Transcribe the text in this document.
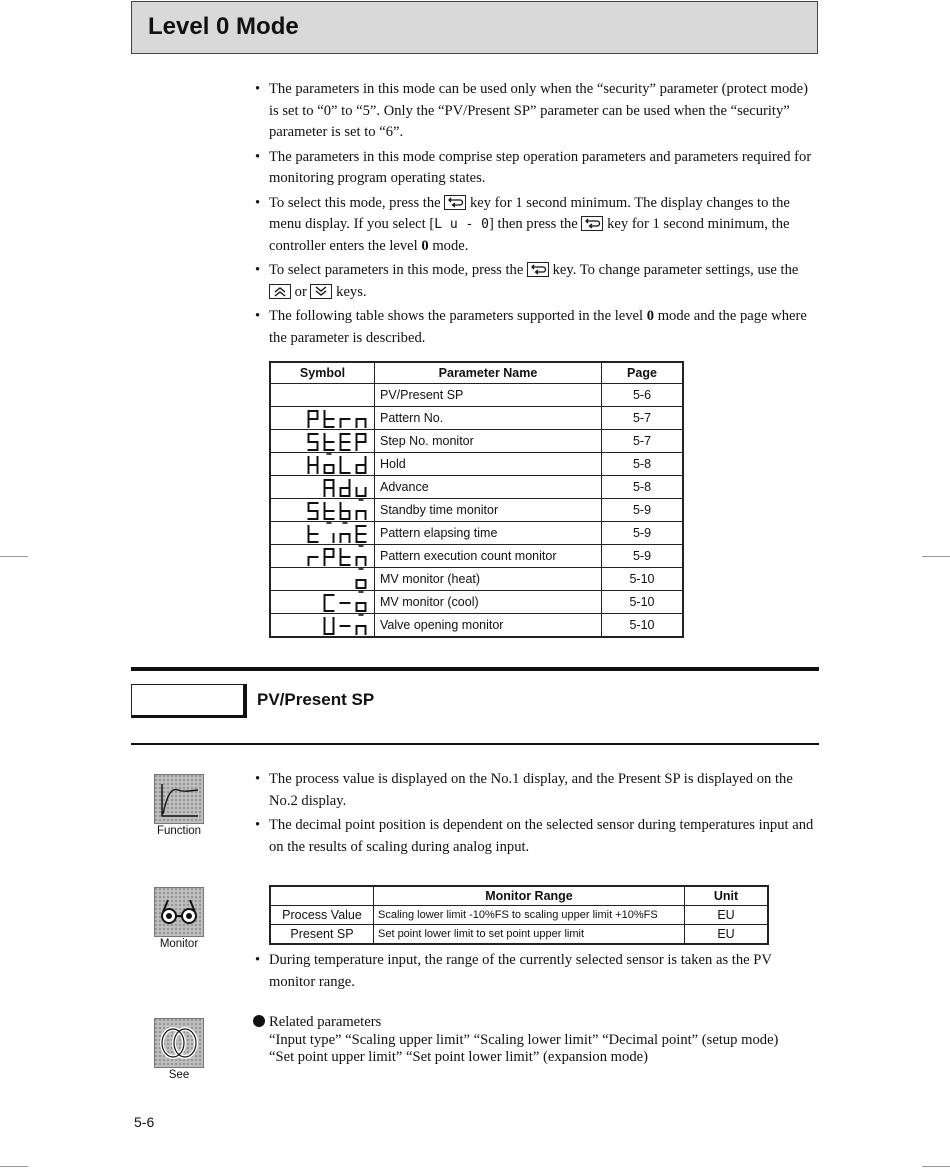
Level 0 Mode
• The parameters in this mode can be used only when the “security” parameter (protect mode) is set to “0” to “5”. Only the “PV/Present SP” parameter can be used when the “security” parameter is set to “6”.
• The parameters in this mode comprise step operation parameters and parameters required for monitoring program operating states.
• To select this mode, press the key for 1 second minimum. The display changes to the menu display. If you select [L u - 0] then press the key for 1 second minimum, the controller enters the level 0 mode.
• To select parameters in this mode, press the key. To change parameter settings, use the
or keys.
• The following table shows the parameters supported in the level 0 mode and the page where the parameter is described.
Symbol	Parameter Name	Page
	PV/Present SP	5-6
	Pattern No.	5-7
	Step No. monitor	5-7
	Hold	5-8
	Advance	5-8
	Standby time monitor	5-9
	Pattern elapsing time	5-9
	Pattern execution count monitor	5-9
	MV monitor (heat)	5-10
	MV monitor (cool)	5-10
	Valve opening monitor	5-10
PV/Present SP
Function
• The process value is displayed on the No.1 display, and the Present SP is displayed on the No.2 display.
• The decimal point position is dependent on the selected sensor during temperatures input and on the results of scaling during analog input.
Monitor
	Monitor Range	Unit
Process Value	Scaling lower limit -10%FS to scaling upper limit +10%FS	EU
Present SP	Set point lower limit to set point upper limit	EU
• During temperature input, the range of the currently selected sensor is taken as the PV monitor range.
See
Related parameters
“Input type” “Scaling upper limit” “Scaling lower limit” “Decimal point” (setup mode)
“Set point upper limit” “Set point lower limit” (expansion mode)
5-6
